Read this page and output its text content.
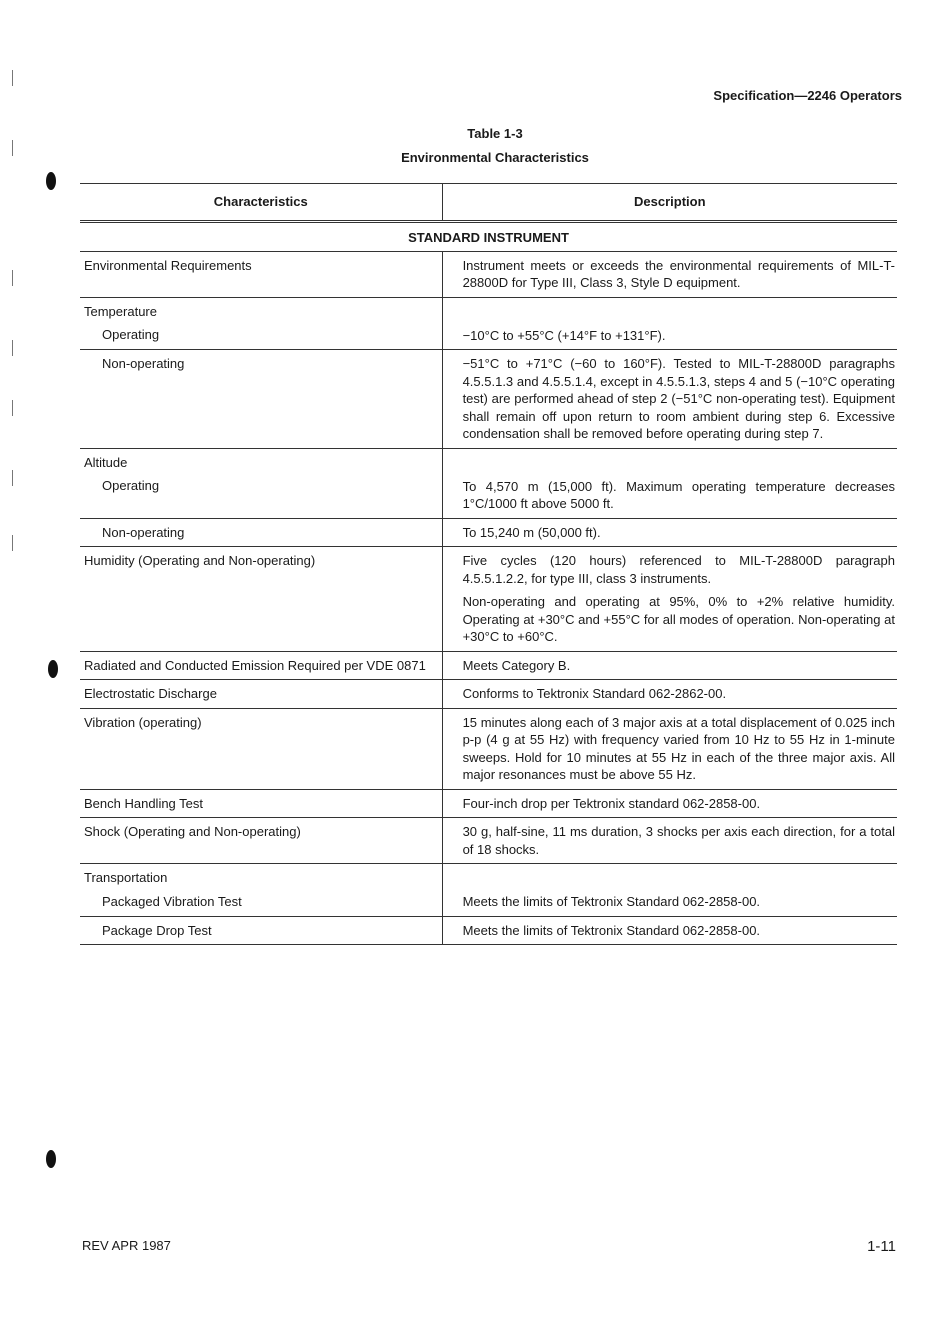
Specification—2246 Operators
Table 1-3
Environmental Characteristics
Characteristics	Description
STANDARD INSTRUMENT	
Environmental Requirements	Instrument meets or exceeds the environmental requirements of MIL-T-28800D for Type III, Class 3, Style D equipment.
Temperature
Operating	−10°C to +55°C (+14°F to +131°F).

Non-operating	−51°C to +71°C (−60 to 160°F). Tested to MIL-T-28800D paragraphs 4.5.5.1.3 and 4.5.5.1.4, except in 4.5.5.1.3, steps 4 and 5 (−10°C operating test) are performed ahead of step 2 (−51°C non-operating test). Equipment shall remain off upon return to room ambient during step 6. Excessive condensation shall be removed before operating during step 7.
Altitude
Operating	To 4,570 m (15,000 ft). Maximum operating temperature decreases 1°C/1000 ft above 5000 ft.

Non-operating	To 15,240 m (50,000 ft).
Humidity (Operating and Non-operating)	Five cycles (120 hours) referenced to MIL-T-28800D paragraph 4.5.5.1.2.2, for type III, class 3 instruments.
Non-operating and operating at 95%, 0% to +2% relative humidity. Operating at +30°C and +55°C for all modes of operation. Non-operating at +30°C to +60°C.

Radiated and Conducted Emission Required per VDE 0871	Meets Category B.
Electrostatic Discharge	Conforms to Tektronix Standard 062-2862-00.
Vibration (operating)	15 minutes along each of 3 major axis at a total displacement of 0.025 inch p-p (4 g at 55 Hz) with frequency varied from 10 Hz to 55 Hz in 1-minute sweeps. Hold for 10 minutes at 55 Hz in each of the three major axis. All major resonances must be above 55 Hz.
Bench Handling Test	Four-inch drop per Tektronix standard 062-2858-00.
Shock (Operating and Non-operating)	30 g, half-sine, 11 ms duration, 3 shocks per axis each direction, for a total of 18 shocks.
Transportation
Packaged Vibration Test	Meets the limits of Tektronix Standard 062-2858-00.

Package Drop Test	Meets the limits of Tektronix Standard 062-2858-00.
REV APR 1987	1-11
